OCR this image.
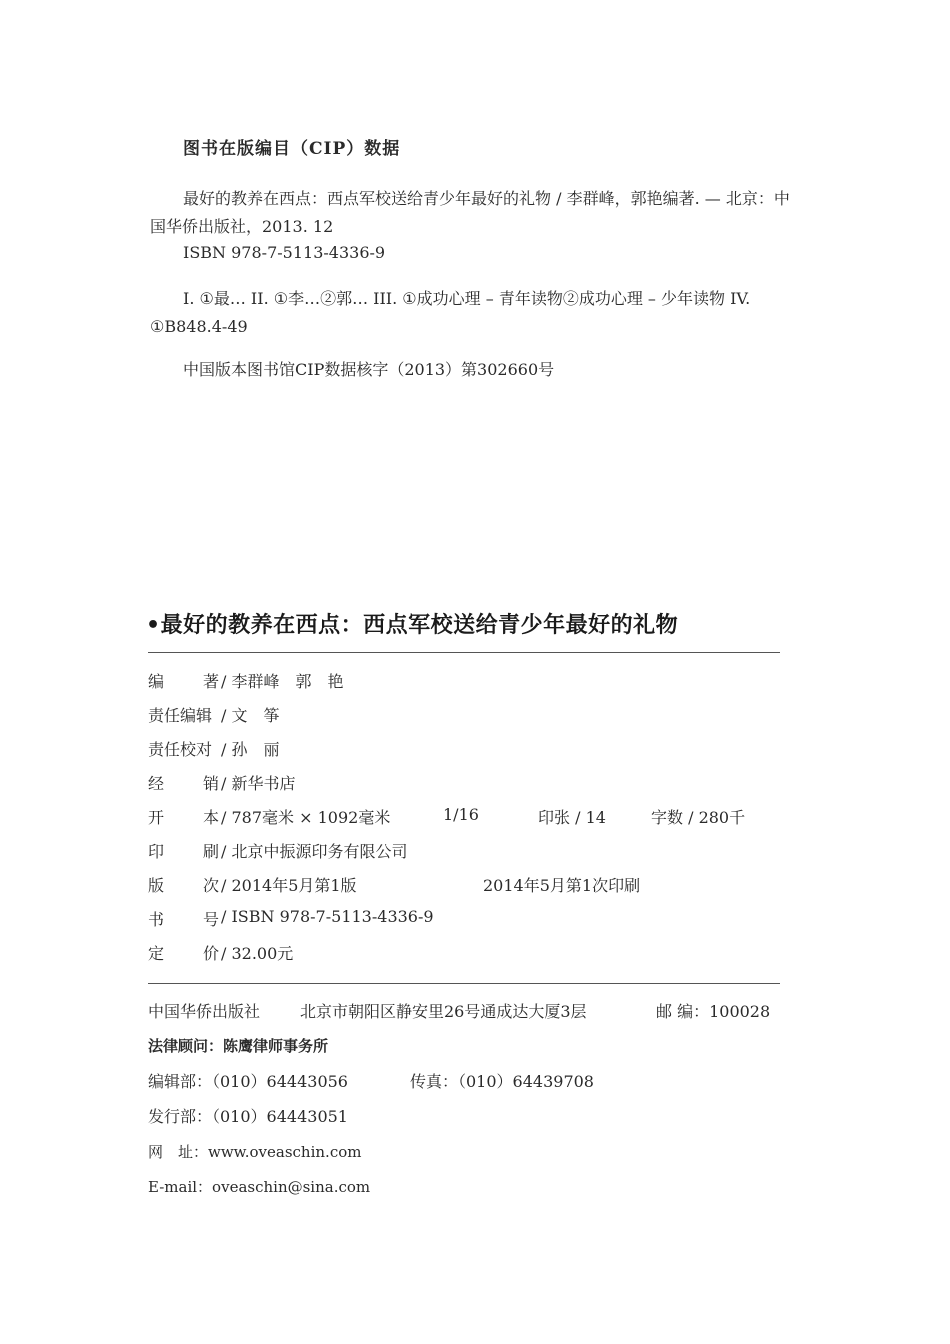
图书在版编目（CIP）数据
最好的教养在西点：西点军校送给青少年最好的礼物 / 李群峰，郭艳编著. — 北京：中国华侨出版社，2013. 12
ISBN 978-7-5113-4336-9
I. ①最… II. ①李…②郭… III. ①成功心理 – 青年读物②成功心理 – 少年读物 IV. ①B848.4-49
中国版本图书馆CIP数据核字（2013）第302660号
•最好的教养在西点：西点军校送给青少年最好的礼物
编 著 / 李群峰　郭　艳
责任编辑 / 文　筝
责任校对 / 孙　丽
经 销 / 新华书店
开 本 / 787毫米 × 1092毫米	1/16	印张 / 14	字数 / 280千
印 刷 / 北京中振源印务有限公司
版 次 / 2014年5月第1版	2014年5月第1次印刷
书 号 / ISBN 978-7-5113-4336-9
定 价 / 32.00元
中国华侨出版社 北京市朝阳区静安里26号通成达大厦3层	邮 编：100028
法律顾问：陈鹰律师事务所
编辑部：（010）64443056	传真：（010）64439708
发行部：（010）64443051
网　址：www.oveaschin.com
E-mail：oveaschin@sina.com
